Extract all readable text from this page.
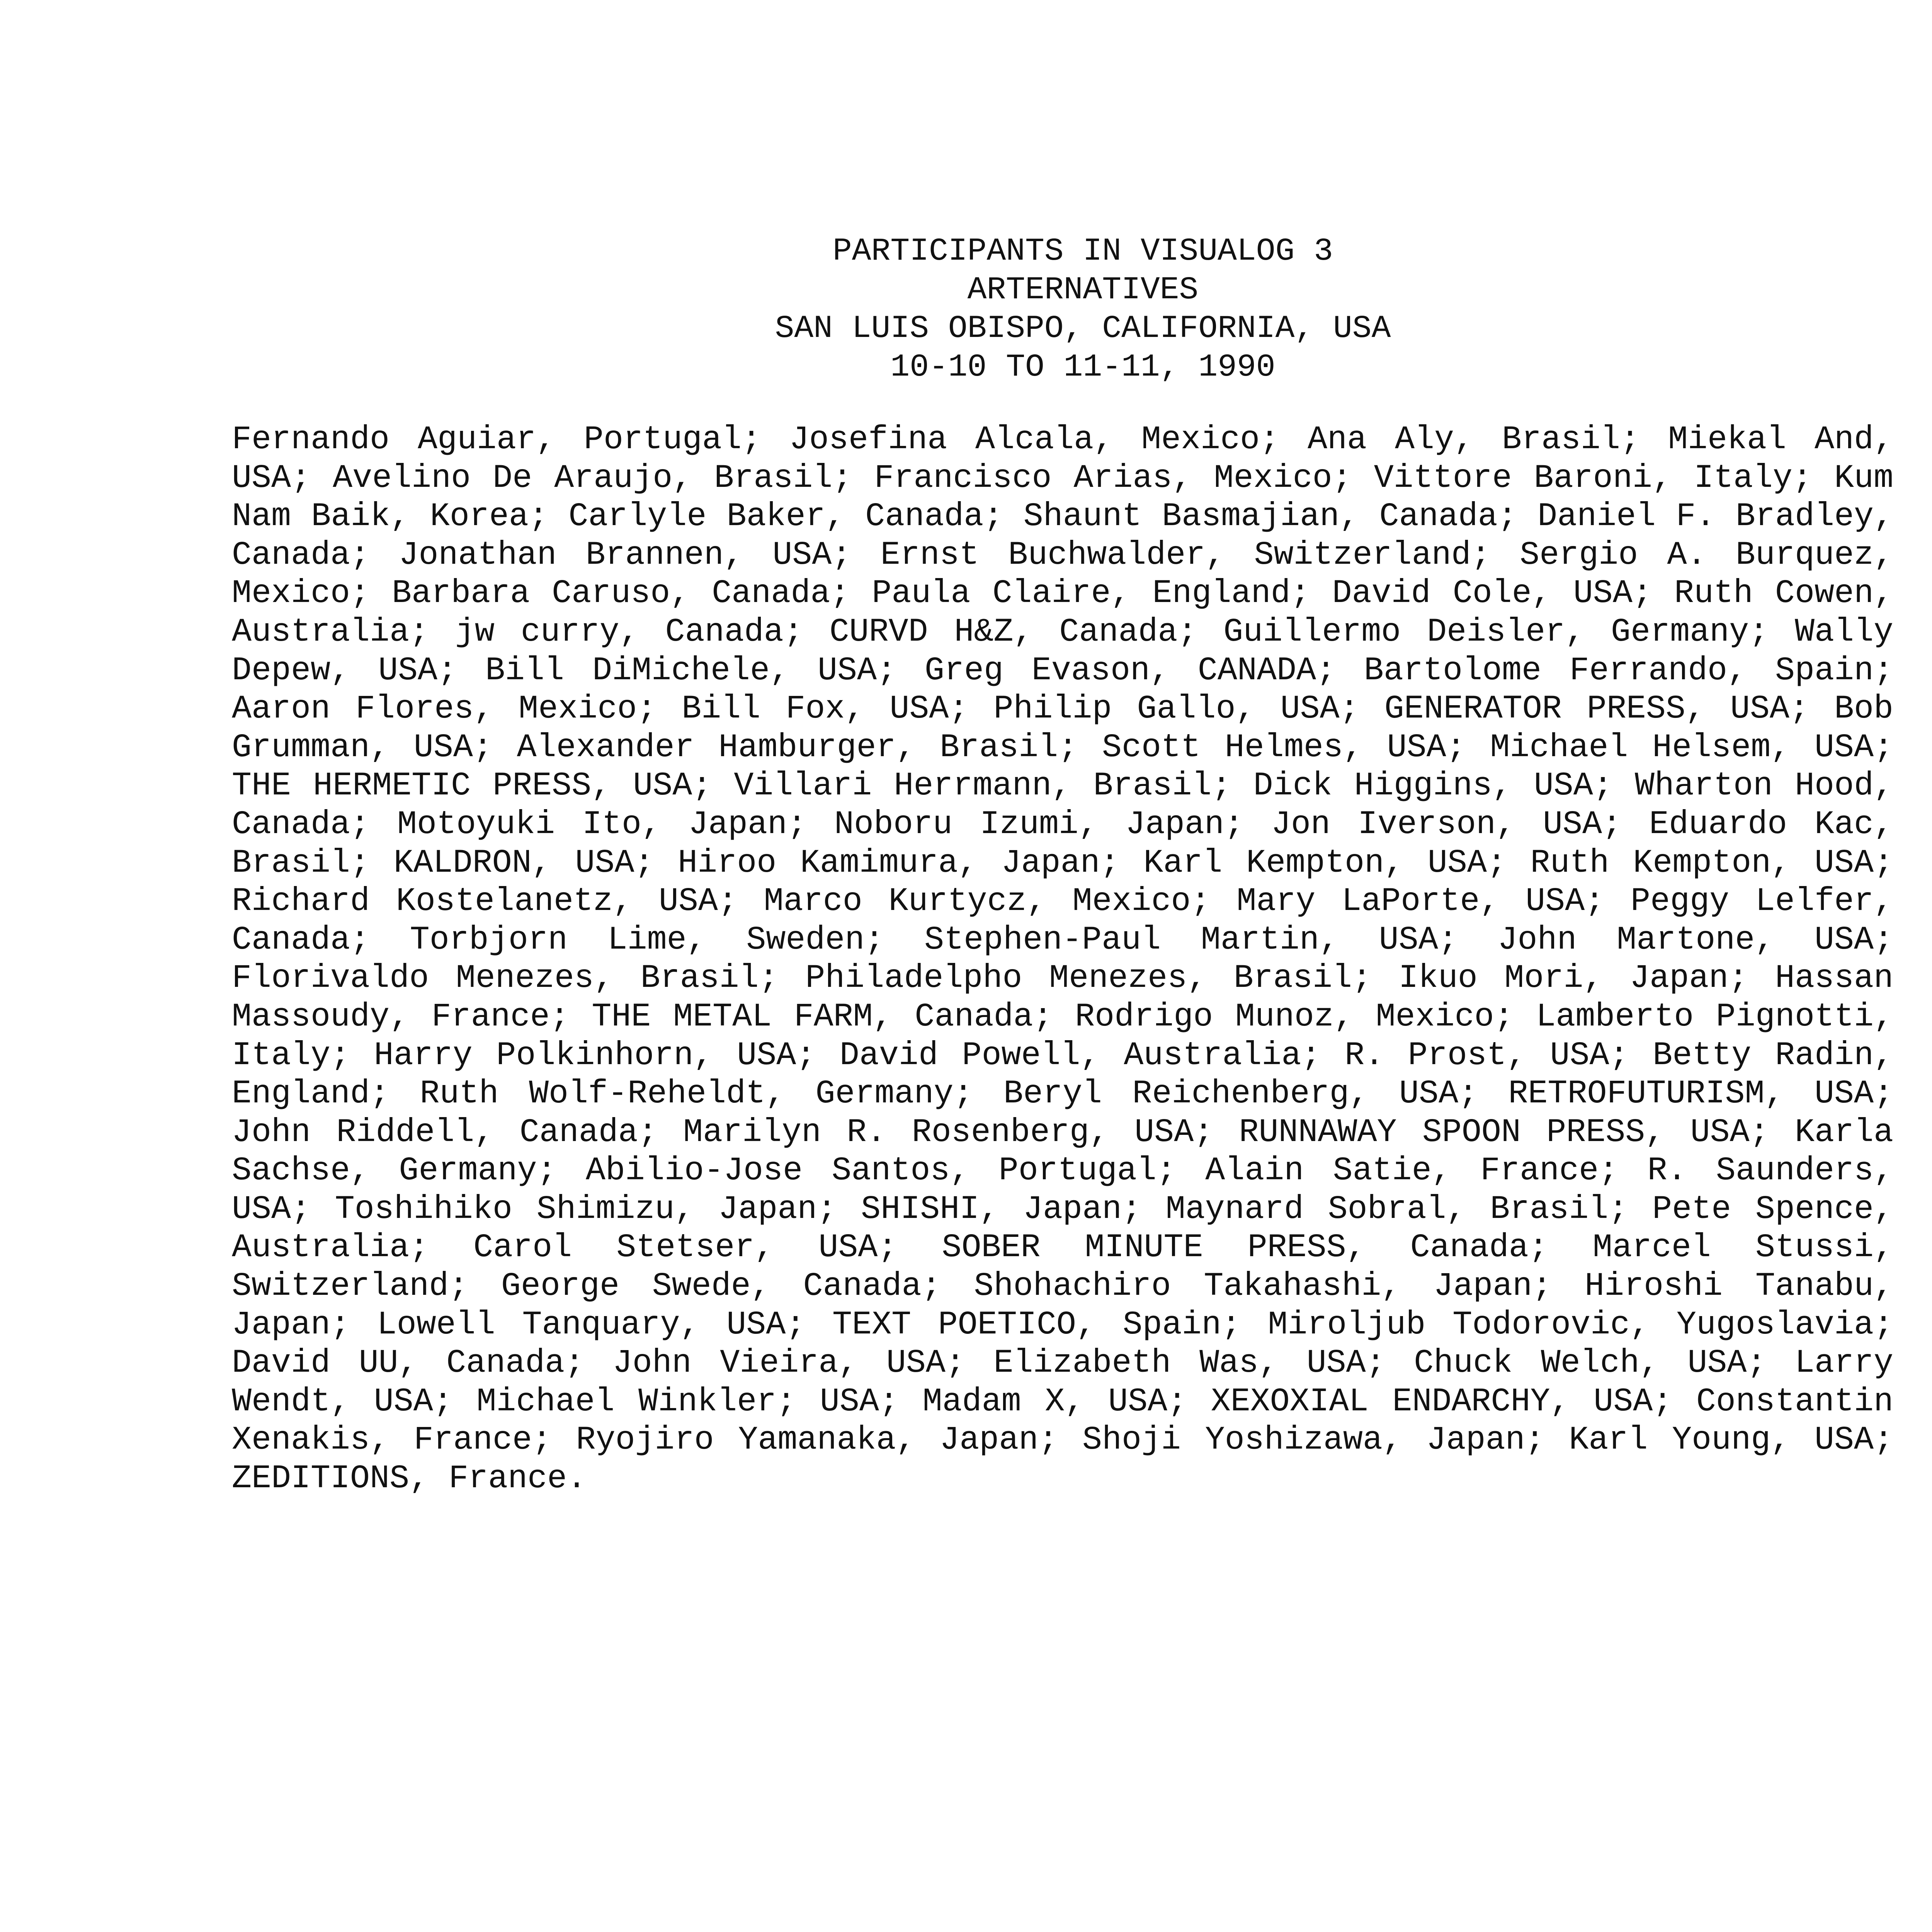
PARTICIPANTS IN VISUALOG 3
ARTERNATIVES
SAN LUIS OBISPO, CALIFORNIA, USA
10-10 TO 11-11, 1990
Fernando Aguiar, Portugal; Josefina Alcala, Mexico; Ana Aly, Brasil; Miekal And, USA; Avelino De Araujo, Brasil; Francisco Arias, Mexico; Vittore Baroni, Italy; Kum Nam Baik, Korea; Carlyle Baker, Canada; Shaunt Basmajian, Canada; Daniel F. Bradley, Canada; Jonathan Brannen, USA; Ernst Buchwalder, Switzerland; Sergio A. Burquez, Mexico; Barbara Caruso, Canada; Paula Claire, England; David Cole, USA; Ruth Cowen, Australia; jw curry, Canada; CURVD H&Z, Canada; Guillermo Deisler, Germany; Wally Depew, USA; Bill DiMichele, USA; Greg Evason, CANADA; Bartolome Ferrando, Spain; Aaron Flores, Mexico; Bill Fox, USA; Philip Gallo, USA; GENERATOR PRESS, USA; Bob Grumman, USA; Alexander Hamburger, Brasil; Scott Helmes, USA; Michael Helsem, USA; THE HERMETIC PRESS, USA; Villari Herrmann, Brasil; Dick Higgins, USA; Wharton Hood, Canada; Motoyuki Ito, Japan; Noboru Izumi, Japan; Jon Iverson, USA; Eduardo Kac, Brasil; KALDRON, USA; Hiroo Kamimura, Japan; Karl Kempton, USA; Ruth Kempton, USA; Richard Kostelanetz, USA; Marco Kurtycz, Mexico; Mary LaPorte, USA; Peggy Lelfer, Canada; Torbjorn Lime, Sweden; Stephen-Paul Martin, USA; John Martone, USA; Florivaldo Menezes, Brasil; Philadelpho Menezes, Brasil; Ikuo Mori, Japan; Hassan Massoudy, France; THE METAL FARM, Canada; Rodrigo Munoz, Mexico; Lamberto Pignotti, Italy; Harry Polkinhorn, USA; David Powell, Australia; R. Prost, USA; Betty Radin, England; Ruth Wolf-Reheldt, Germany; Beryl Reichenberg, USA; RETROFUTURISM, USA; John Riddell, Canada; Marilyn R. Rosenberg, USA; RUNNAWAY SPOON PRESS, USA; Karla Sachse, Germany; Abilio-Jose Santos, Portugal; Alain Satie, France; R. Saunders, USA; Toshihiko Shimizu, Japan; SHISHI, Japan; Maynard Sobral, Brasil; Pete Spence, Australia; Carol Stetser, USA; SOBER MINUTE PRESS, Canada; Marcel Stussi, Switzerland; George Swede, Canada; Shohachiro Takahashi, Japan; Hiroshi Tanabu, Japan; Lowell Tanquary, USA; TEXT POETICO, Spain; Miroljub Todorovic, Yugoslavia; David UU, Canada; John Vieira, USA; Elizabeth Was, USA; Chuck Welch, USA; Larry Wendt, USA; Michael Winkler; USA; Madam X, USA; XEXOXIAL ENDARCHY, USA; Constantin Xenakis, France; Ryojiro Yamanaka, Japan; Shoji Yoshizawa, Japan; Karl Young, USA; ZEDITIONS, France.
